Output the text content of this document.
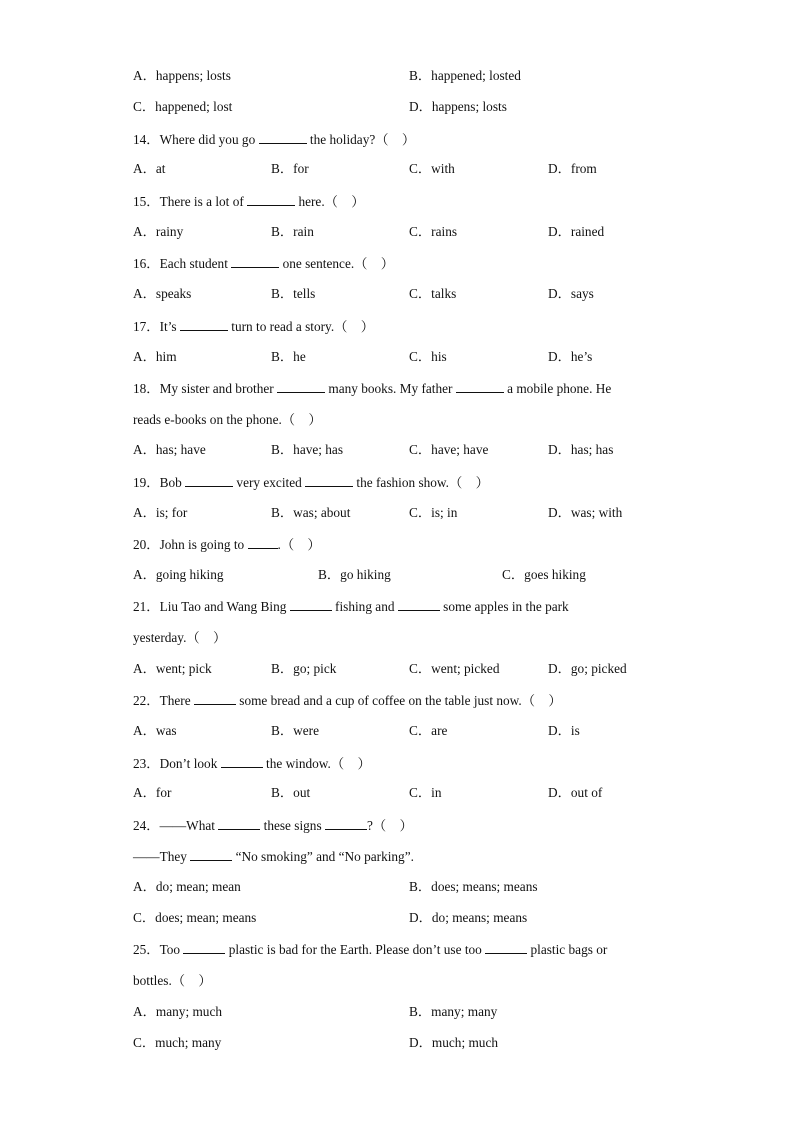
A．happens; losts	B．happened; losted
C．happened; lost	D．happens; losts
14．Where did you go	the holiday?（　）
A．at	B．for	C．with	D．from
15．There is a lot of	here.（　）
A．rainy	B．rain	C．rains	D．rained
16．Each student	one sentence.（　）
A．speaks	B．tells	C．talks	D．says
17．It’s	turn to read a story.（　）
A．him	B．he	C．his	D．he’s
18．My sister and brother	many books. My father	a mobile phone. He
reads e-books on the phone.（　）
A．has; have	B．have; has	C．have; have	D．has; has
19．Bob	very excited	the fashion show.（　）
A．is; for	B．was; about	C．is; in	D．was; with
20．John is going to	.（　）
A．going hiking	B．go hiking	C．goes hiking
21．Liu Tao and Wang Bing	fishing and	some apples in the park
yesterday.（　）
A．went; pick	B．go; pick	C．went; picked	D．go; picked
22．There	some bread and a cup of coffee on the table just now.（　）
A．was	B．were	C．are	D．is
23．Don’t look	the window.（　）
A．for	B．out	C．in	D．out of
24．——What	these signs	?（　）
——They	“No smoking” and “No parking”.
A．do; mean; mean	B．does; means; means
C．does; mean; means	D．do; means; means
25．Too	plastic is bad for the Earth. Please don’t use too	plastic bags or
bottles.（　）
A．many; much	B．many; many
C．much; many	D．much; much
